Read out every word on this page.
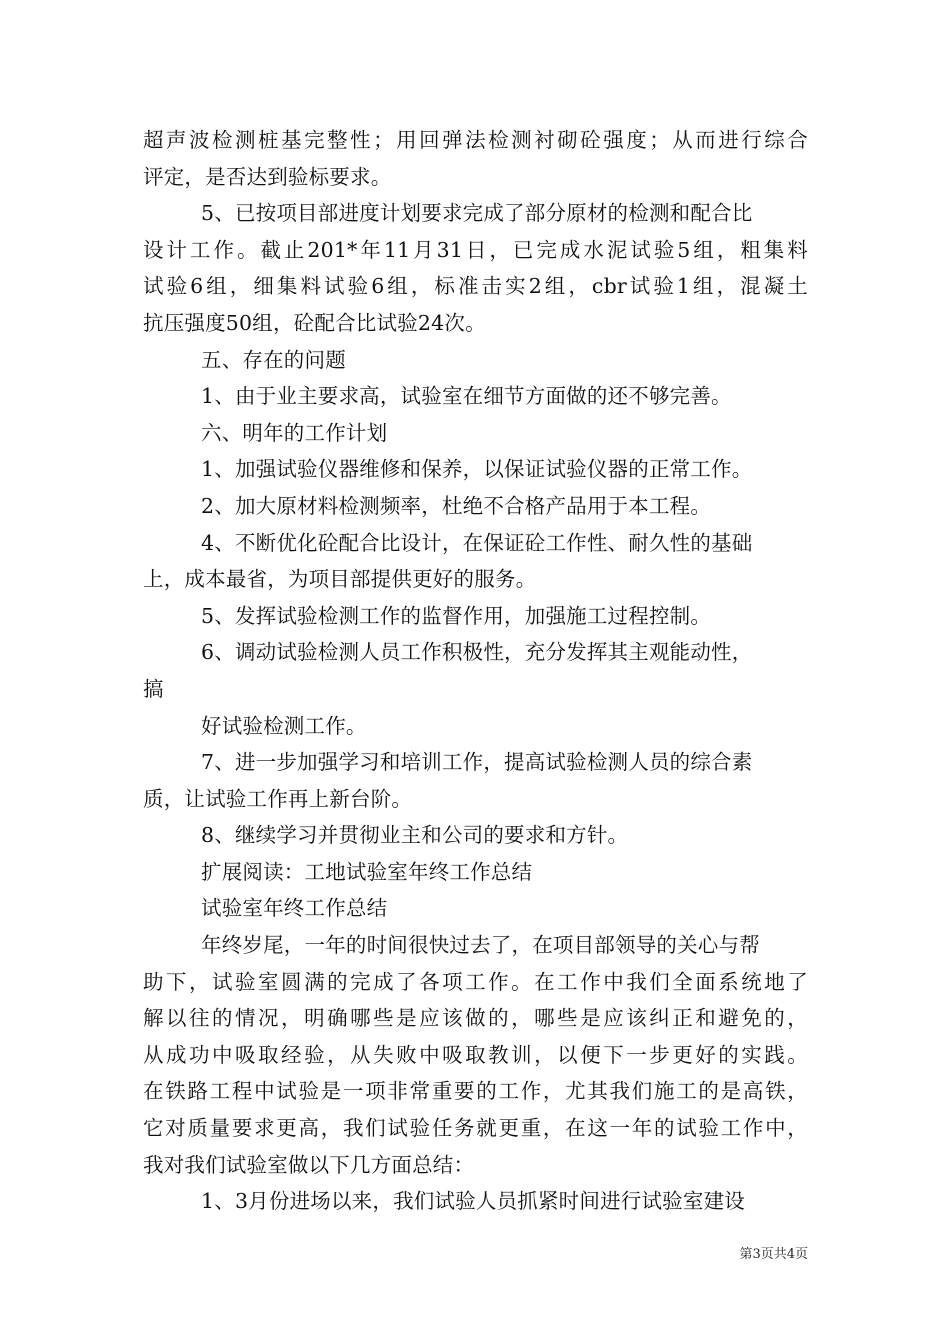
超声波检测桩基完整性；用回弹法检测衬砌砼强度；从而进行综合
评定，是否达到验标要求。
5、已按项目部进度计划要求完成了部分原材的检测和配合比
设计工作。截止201*年11月31日，已完成水泥试验5组，粗集料
试验6组，细集料试验6组，标准击实2组，cbr试验1组，混凝土
抗压强度50组，砼配合比试验24次。
五、存在的问题
1、由于业主要求高，试验室在细节方面做的还不够完善。
六、明年的工作计划
1、加强试验仪器维修和保养，以保证试验仪器的正常工作。
2、加大原材料检测频率，杜绝不合格产品用于本工程。
4、不断优化砼配合比设计，在保证砼工作性、耐久性的基础
上，成本最省，为项目部提供更好的服务。
5、发挥试验检测工作的监督作用，加强施工过程控制。
6、调动试验检测人员工作积极性，充分发挥其主观能动性，
搞
好试验检测工作。
7、进一步加强学习和培训工作，提高试验检测人员的综合素
质，让试验工作再上新台阶。
8、继续学习并贯彻业主和公司的要求和方针。
扩展阅读：工地试验室年终工作总结
试验室年终工作总结
年终岁尾，一年的时间很快过去了，在项目部领导的关心与帮
助下，试验室圆满的完成了各项工作。在工作中我们全面系统地了
解以往的情况，明确哪些是应该做的，哪些是应该纠正和避免的，
从成功中吸取经验，从失败中吸取教训，以便下一步更好的实践。
在铁路工程中试验是一项非常重要的工作，尤其我们施工的是高铁，
它对质量要求更高，我们试验任务就更重，在这一年的试验工作中，
我对我们试验室做以下几方面总结：
1、3月份进场以来，我们试验人员抓紧时间进行试验室建设
第3页共4页
